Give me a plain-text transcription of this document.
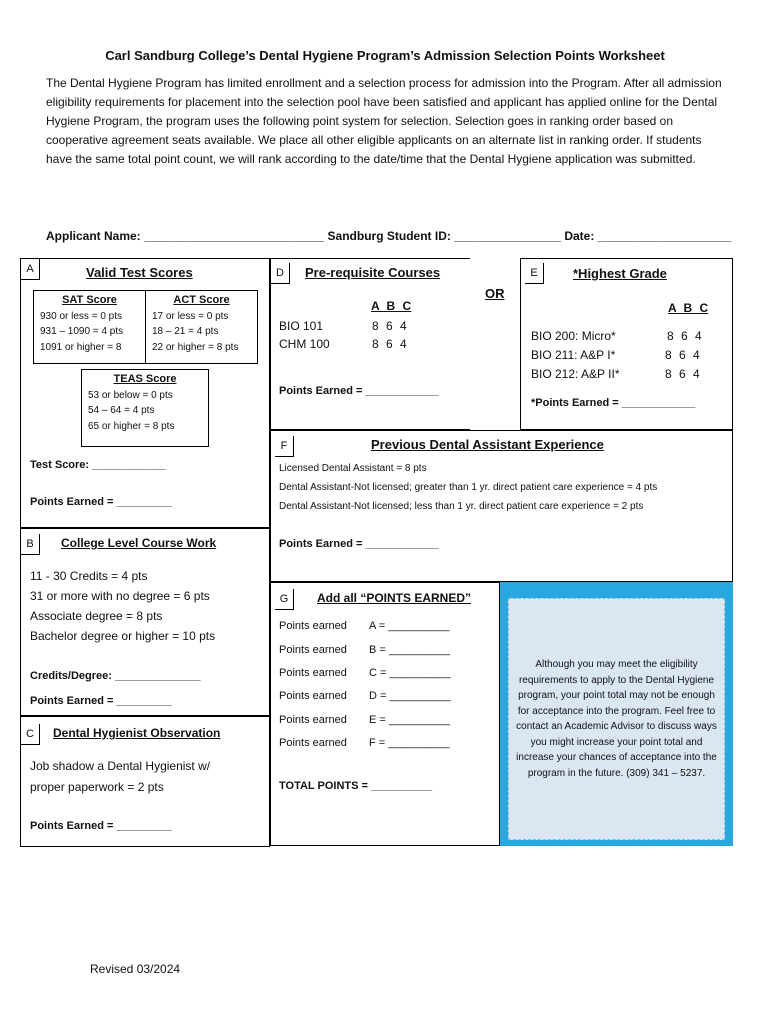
Carl Sandburg College’s Dental Hygiene Program’s Admission Selection Points Worksheet
The Dental Hygiene Program has limited enrollment and a selection process for admission into the Program. After all admission eligibility requirements for placement into the selection pool have been satisfied and applicant has applied online for the Dental Hygiene Program, the program uses the following point system for selection. Selection goes in ranking order based on cooperative agreement seats available. We place all other eligible applicants on an alternate list in ranking order. If students have the same total point count, we will rank according to the date/time that the Dental Hygiene application was submitted.
Applicant Name: ___________________________ Sandburg Student ID: ________________ Date: ____________________
A	Valid Test Scores
SAT Score
930 or less = 0 pts
931 – 1090 = 4 pts
1091 or higher = 8
ACT Score
17 or less = 0 pts
18 – 21 = 4 pts
22 or higher = 8 pts
TEAS Score
53 or below = 0 pts
54 – 64 = 4 pts
65 or higher = 8 pts
Test Score: ____________
Points Earned = _________
B	College Level Course Work
11 - 30 Credits = 4 pts
31 or more with no degree = 6 pts
Associate degree = 8 pts
Bachelor degree or higher = 10 pts
Credits/Degree: ______________
Points Earned = _________
C	Dental Hygienist Observation
Job shadow a Dental Hygienist w/
proper paperwork = 2 pts
Points Earned = _________
D	Pre-requisite Courses
A B C
BIO 101	8 6 4
CHM 100	8 6 4
Points Earned = ____________
OR
E	*Highest Grade
A B C
BIO 200: Micro*	8 6 4
BIO 211: A&P I*	8 6 4
BIO 212: A&P II*	8 6 4
*Points Earned = ____________
F	Previous Dental Assistant Experience
Licensed Dental Assistant = 8 pts
Dental Assistant-Not licensed; greater than 1 yr. direct patient care experience = 4 pts
Dental Assistant-Not licensed; less than 1 yr. direct patient care experience = 2 pts
Points Earned = ____________
G	Add all “POINTS EARNED”
Points earned A = __________
Points earned B = __________
Points earned C = __________
Points earned D = __________
Points earned E = __________
Points earned F = __________
TOTAL POINTS = __________
Although you may meet the eligibility requirements to apply to the Dental Hygiene program, your point total may not be enough for acceptance into the program. Feel free to contact an Academic Advisor to discuss ways you might increase your point total and increase your chances of acceptance into the program in the future. (309) 341 – 5237.
Revised 03/2024
